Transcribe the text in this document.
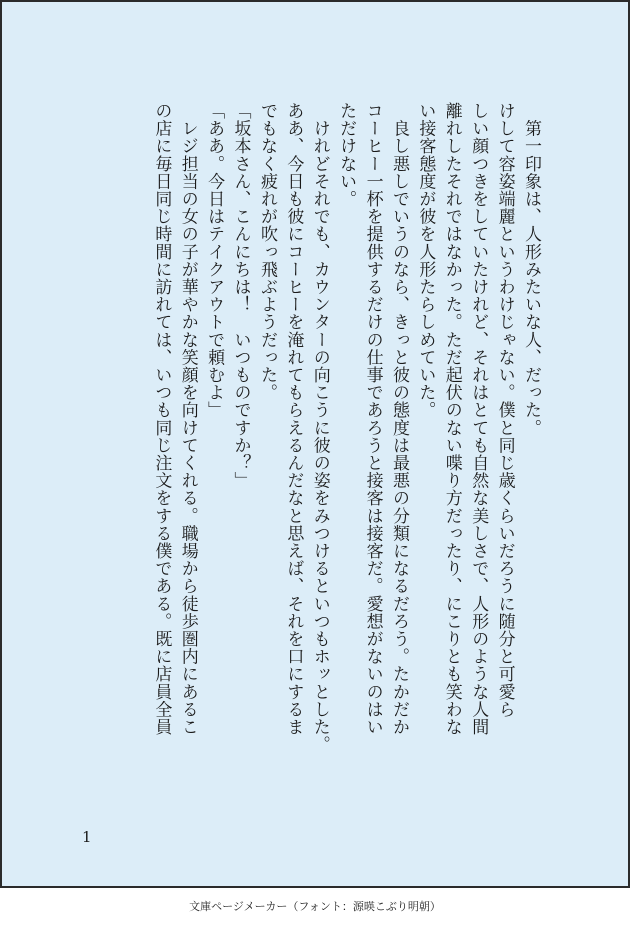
　第一印象は、人形みたいな人、だった。
けして容姿端麗というわけじゃない。僕と同じ歳くらいだろうに随分と可愛ら
しい顔つきをしていたけれど、それはとても自然な美しさで、人形のような人間
離れしたそれではなかった。ただ起伏のない喋り方だったり、にこりとも笑わな
い接客態度が彼を人形たらしめていた。
　良し悪しでいうのなら、きっと彼の態度は最悪の分類になるだろう。たかだか
コーヒー一杯を提供するだけの仕事であろうと接客は接客だ。愛想がないのはい
ただけない。
　けれどそれでも、カウンターの向こうに彼の姿をみつけるといつもホッとした。
ああ、今日も彼にコーヒーを淹れてもらえるんだなと思えば、それを口にするま
でもなく疲れが吹っ飛ぶようだった。
「坂本さん、こんにちは！　いつものですか？」
「ああ。今日はテイクアウトで頼むよ」
　レジ担当の女の子が華やかな笑顔を向けてくれる。職場から徒歩圏内にあるこ
の店に毎日同じ時間に訪れては、いつも同じ注文をする僕である。既に店員全員
1
文庫ページメーカー（フォント：源暎こぶり明朝）
